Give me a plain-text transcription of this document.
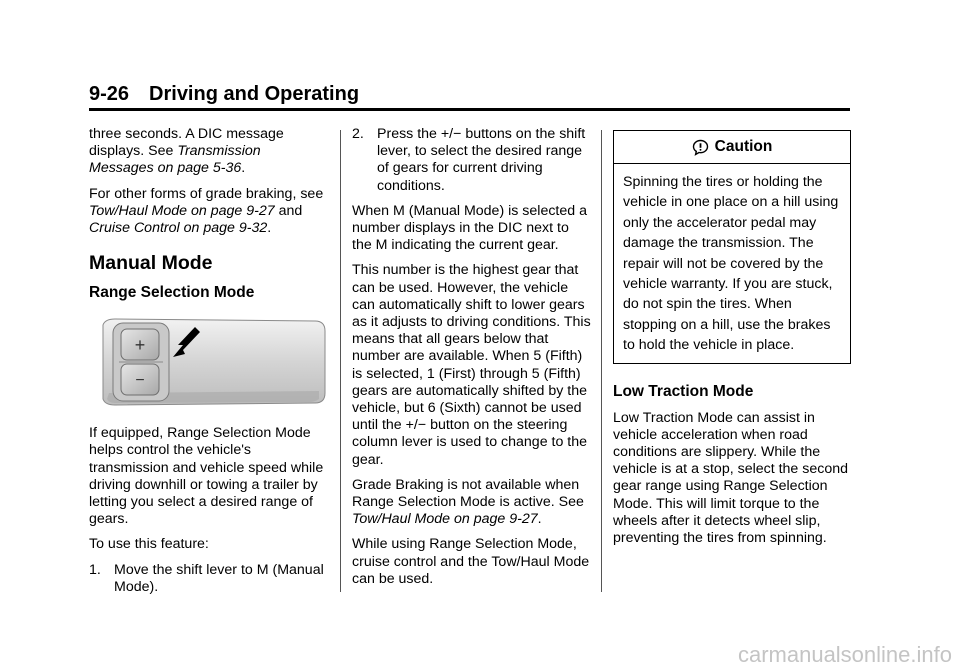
9-26 Driving and Operating

three seconds. A DIC message displays. See Transmission Messages on page 5-36.

For other forms of grade braking, see Tow/Haul Mode on page 9-27 and Cruise Control on page 9-32.

Manual Mode
Range Selection Mode
+
−

If equipped, Range Selection Mode helps control the vehicle's transmission and vehicle speed while driving downhill or towing a trailer by letting you select a desired range of gears.

To use this feature:

1. Move the shift lever to M (Manual Mode).
2. Press the +/− buttons on the shift lever, to select the desired range of gears for current driving conditions.

When M (Manual Mode) is selected a number displays in the DIC next to the M indicating the current gear.

This number is the highest gear that can be used. However, the vehicle can automatically shift to lower gears as it adjusts to driving conditions. This means that all gears below that number are available. When 5 (Fifth) is selected, 1 (First) through 5 (Fifth) gears are automatically shifted by the vehicle, but 6 (Sixth) cannot be used until the +/− button on the steering column lever is used to change to the gear.

Grade Braking is not available when Range Selection Mode is active. See Tow/Haul Mode on page 9-27.

While using Range Selection Mode, cruise control and the Tow/Haul Mode can be used.

Caution
Spinning the tires or holding the vehicle in one place on a hill using only the accelerator pedal may damage the transmission. The repair will not be covered by the vehicle warranty. If you are stuck, do not spin the tires. When stopping on a hill, use the brakes to hold the vehicle in place.
Low Traction Mode

Low Traction Mode can assist in vehicle acceleration when road conditions are slippery. While the vehicle is at a stop, select the second gear range using Range Selection Mode. This will limit torque to the wheels after it detects wheel slip, preventing the tires from spinning.

carmanualsonline.info
